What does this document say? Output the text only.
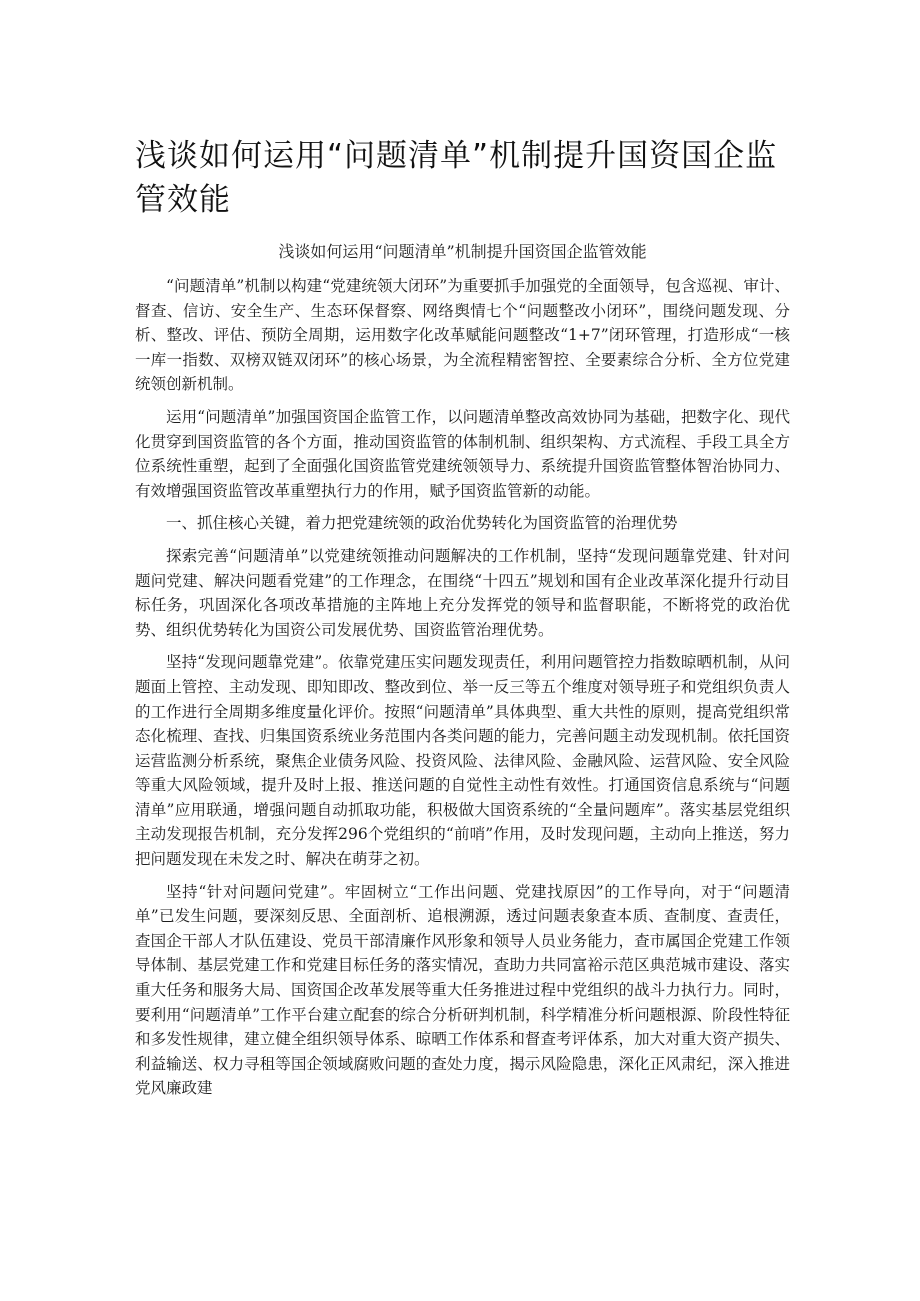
浅谈如何运用“问题清单”机制提升国资国企监管效能

浅谈如何运用“问题清单”机制提升国资国企监管效能

“问题清单”机制以构建“党建统领大闭环”为重要抓手加强党的全面领导，包含巡视、审计、督查、信访、安全生产、生态环保督察、网络舆情七个“问题整改小闭环”，围绕问题发现、分析、整改、评估、预防全周期，运用数字化改革赋能问题整改“1+7”闭环管理，打造形成“一核一库一指数、双榜双链双闭环”的核心场景，为全流程精密智控、全要素综合分析、全方位党建统领创新机制。

运用“问题清单”加强国资国企监管工作，以问题清单整改高效协同为基础，把数字化、现代化贯穿到国资监管的各个方面，推动国资监管的体制机制、组织架构、方式流程、手段工具全方位系统性重塑，起到了全面强化国资监管党建统领领导力、系统提升国资监管整体智治协同力、有效增强国资监管改革重塑执行力的作用，赋予国资监管新的动能。

一、抓住核心关键，着力把党建统领的政治优势转化为国资监管的治理优势

探索完善“问题清单”以党建统领推动问题解决的工作机制，坚持“发现问题靠党建、针对问题问党建、解决问题看党建”的工作理念，在围绕“十四五”规划和国有企业改革深化提升行动目标任务，巩固深化各项改革措施的主阵地上充分发挥党的领导和监督职能，不断将党的政治优势、组织优势转化为国资公司发展优势、国资监管治理优势。

坚持“发现问题靠党建”。依靠党建压实问题发现责任，利用问题管控力指数晾晒机制，从问题面上管控、主动发现、即知即改、整改到位、举一反三等五个维度对领导班子和党组织负责人的工作进行全周期多维度量化评价。按照“问题清单”具体典型、重大共性的原则，提高党组织常态化梳理、查找、归集国资系统业务范围内各类问题的能力，完善问题主动发现机制。依托国资运营监测分析系统，聚焦企业债务风险、投资风险、法律风险、金融风险、运营风险、安全风险等重大风险领域，提升及时上报、推送问题的自觉性主动性有效性。打通国资信息系统与“问题清单”应用联通，增强问题自动抓取功能，积极做大国资系统的“全量问题库”。落实基层党组织主动发现报告机制，充分发挥296个党组织的“前哨”作用，及时发现问题，主动向上推送，努力把问题发现在未发之时、解决在萌芽之初。

坚持“针对问题问党建”。牢固树立“工作出问题、党建找原因”的工作导向，对于“问题清单”已发生问题，要深刻反思、全面剖析、追根溯源，透过问题表象查本质、查制度、查责任，查国企干部人才队伍建设、党员干部清廉作风形象和领导人员业务能力，查市属国企党建工作领导体制、基层党建工作和党建目标任务的落实情况，查助力共同富裕示范区典范城市建设、落实重大任务和服务大局、国资国企改革发展等重大任务推进过程中党组织的战斗力执行力。同时，要利用“问题清单”工作平台建立配套的综合分析研判机制，科学精准分析问题根源、阶段性特征和多发性规律，建立健全组织领导体系、晾晒工作体系和督查考评体系，加大对重大资产损失、利益输送、权力寻租等国企领域腐败问题的查处力度，揭示风险隐患，深化正风肃纪，深入推进党风廉政建
